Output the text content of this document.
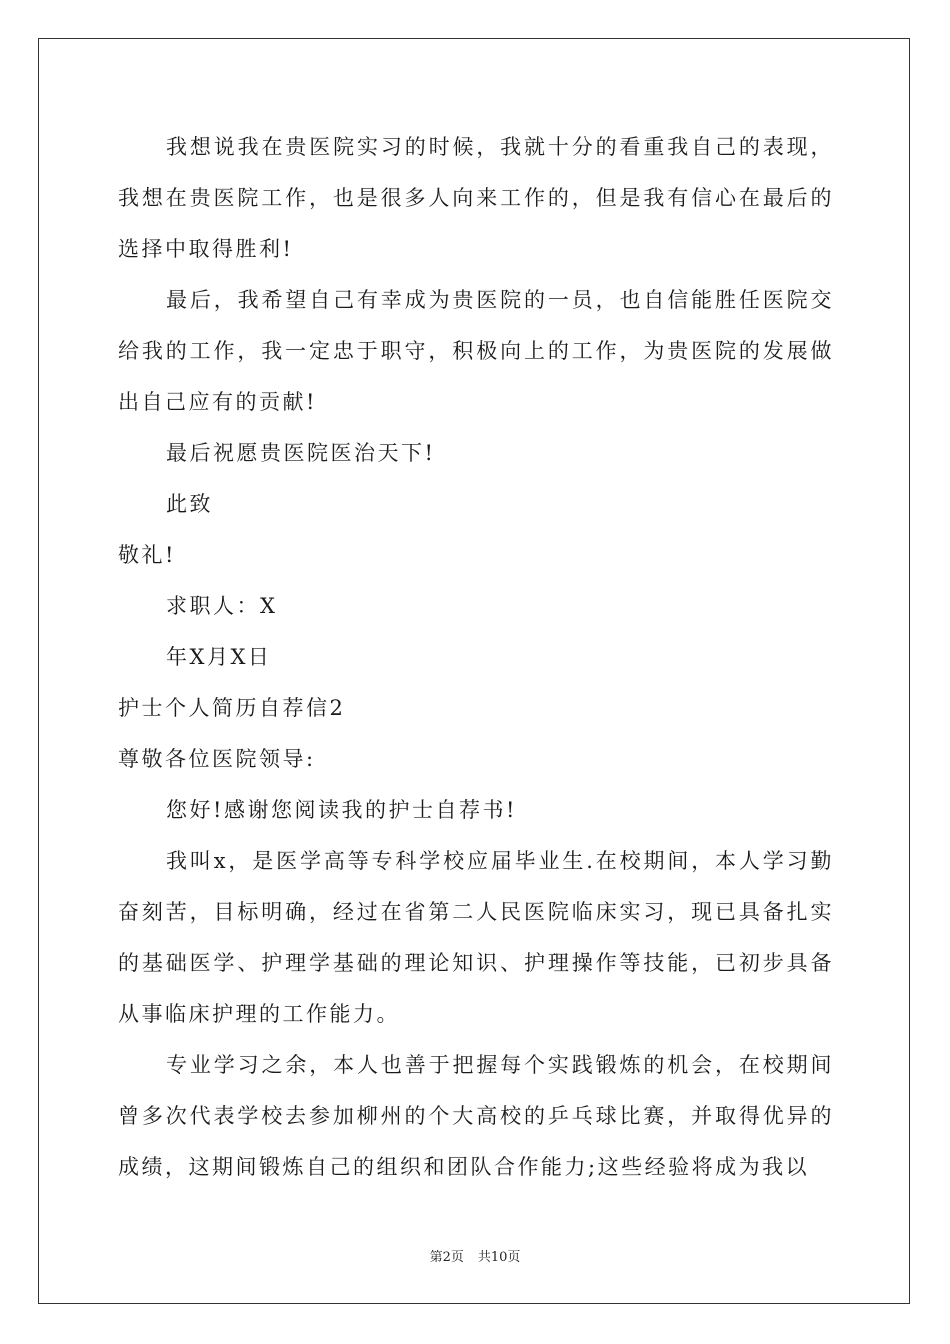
我想说我在贵医院实习的时候，我就十分的看重我自己的表现，我想在贵医院工作，也是很多人向来工作的，但是我有信心在最后的选择中取得胜利!

最后，我希望自己有幸成为贵医院的一员，也自信能胜任医院交给我的工作，我一定忠于职守，积极向上的工作，为贵医院的发展做出自己应有的贡献!

最后祝愿贵医院医治天下!

此致

敬礼!

求职人：X

年X月X日

护士个人简历自荐信2

尊敬各位医院领导:

您好!感谢您阅读我的护士自荐书!

我叫x，是医学高等专科学校应届毕业生.在校期间，本人学习勤奋刻苦，目标明确，经过在省第二人民医院临床实习，现已具备扎实的基础医学、护理学基础的理论知识、护理操作等技能，已初步具备从事临床护理的工作能力。

专业学习之余，本人也善于把握每个实践锻炼的机会，在校期间曾多次代表学校去参加柳州的个大高校的乒乓球比赛，并取得优异的成绩，这期间锻炼自己的组织和团队合作能力;这些经验将成为我以

第2页 共10页
